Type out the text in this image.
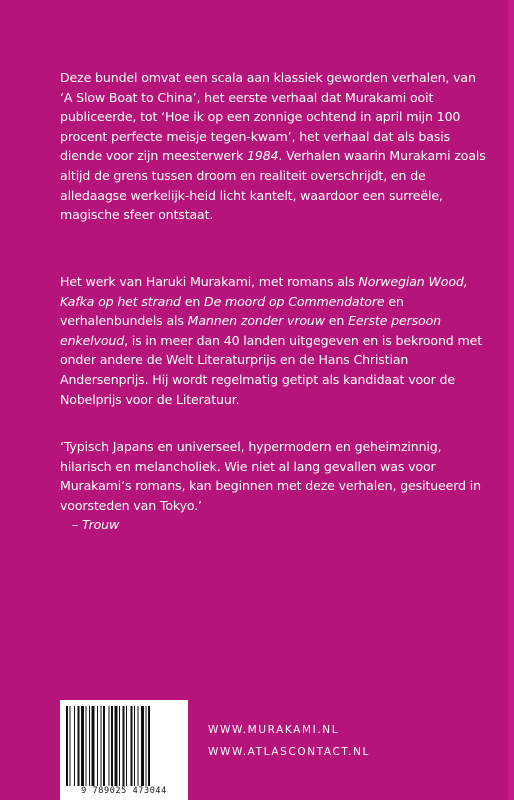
Deze bundel omvat een scala aan klassiek geworden verhalen, van ‘A Slow Boat to China’, het eerste verhaal dat Murakami ooit publiceerde, tot ‘Hoe ik op een zonnige ochtend in april mijn 100 procent perfecte meisje tegen-kwam’, het verhaal dat als basis diende voor zijn meesterwerk 1984. Verhalen waarin Murakami zoals altijd de grens tussen droom en realiteit overschrijdt, en de alledaagse werkelijk-heid licht kantelt, waardoor een surreële, magische sfeer ontstaat.

Het werk van Haruki Murakami, met romans als Norwegian Wood, Kafka op het strand en De moord op Commendatore en verhalenbundels als Mannen zonder vrouw en Eerste persoon enkelvoud, is in meer dan 40 landen uitgegeven en is bekroond met onder andere de Welt Literaturprijs en de Hans Christian Andersenprijs. Hij wordt regelmatig getipt als kandidaat voor de Nobelprijs voor de Literatuur.

‘Typisch Japans en universeel, hypermodern en geheimzinnig, hilarisch en melancholiek. Wie niet al lang gevallen was voor Murakami’s romans, kan beginnen met deze verhalen, gesitueerd in voorsteden van Tokyo.’
– Trouw

9 789025 473044
WWW.MURAKAMI.NL
WWW.ATLASCONTACT.NL
